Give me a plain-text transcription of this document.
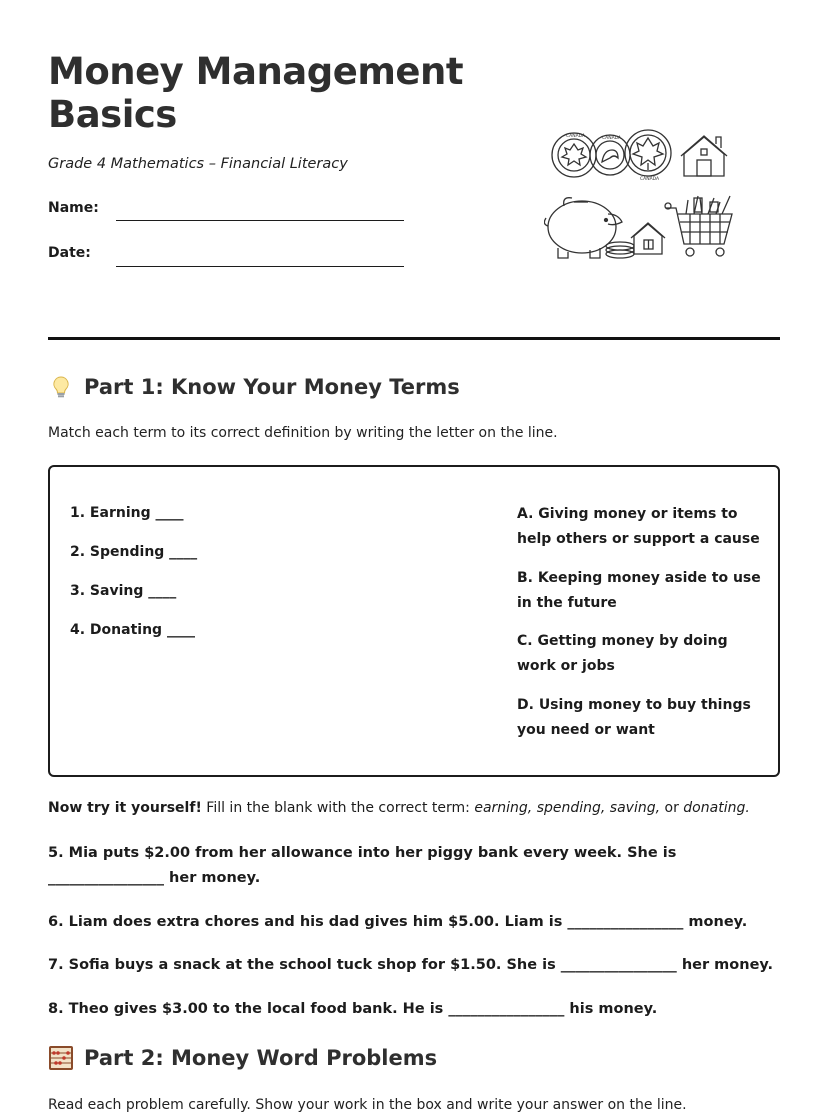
Money Management
Basics

Grade 4 Mathematics – Financial Literacy

Name:
Date:
CANADA	CANADA
CANADA
Part 1: Know Your Money Terms
Match each term to its correct definition by writing the letter on the line.
1. Earning ____
2. Spending ____
3. Saving ____
4. Donating ____
A. Giving money or items to help others or support a cause
B. Keeping money aside to use in the future
C. Getting money by doing work or jobs
D. Using money to buy things you need or want
Now try it yourself! Fill in the blank with the correct term: earning, spending, saving, or donating.

5. Mia puts $2.00 from her allowance into her piggy bank every week. She is ________________ her money.

6. Liam does extra chores and his dad gives him $5.00. Liam is ________________ money.

7. Sofia buys a snack at the school tuck shop for $1.50. She is ________________ her money.

8. Theo gives $3.00 to the local food bank. He is ________________ his money.

Part 2: Money Word Problems
Read each problem carefully. Show your work in the box and write your answer on the line.
